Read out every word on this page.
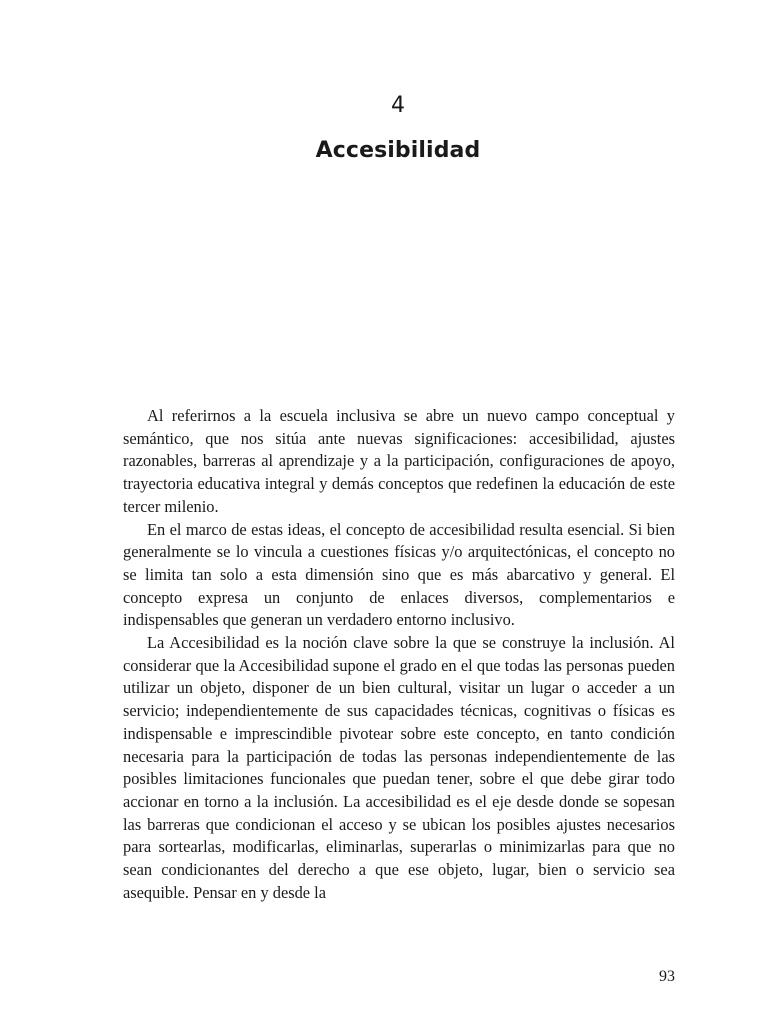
4
Accesibilidad

Al referirnos a la escuela inclusiva se abre un nuevo campo conceptual y semántico, que nos sitúa ante nuevas significaciones: accesibilidad, ajustes razonables, barreras al aprendizaje y a la participación, configuraciones de apoyo, trayectoria educativa integral y demás conceptos que redefinen la educación de este tercer milenio.

En el marco de estas ideas, el concepto de accesibilidad resulta esencial. Si bien generalmente se lo vincula a cuestiones físicas y/o arquitectónicas, el concepto no se limita tan solo a esta dimensión sino que es más abarcativo y general. El concepto expresa un conjunto de enlaces diversos, complementarios e indispensables que generan un verdadero entorno inclusivo.

La Accesibilidad es la noción clave sobre la que se construye la inclusión. Al considerar que la Accesibilidad supone el grado en el que todas las personas pueden utilizar un objeto, disponer de un bien cultural, visitar un lugar o acceder a un servicio; independientemente de sus capacidades técnicas, cognitivas o físicas es indispensable e imprescindible pivotear sobre este concepto, en tanto condición necesaria para la participación de todas las personas independientemente de las posibles limitaciones funcionales que puedan tener, sobre el que debe girar todo accionar en torno a la inclusión. La accesibilidad es el eje desde donde se sopesan las barreras que condicionan el acceso y se ubican los posibles ajustes necesarios para sortearlas, modificarlas, eliminarlas, superarlas o minimizarlas para que no sean condicionantes del derecho a que ese objeto, lugar, bien o servicio sea asequible. Pensar en y desde la

93
